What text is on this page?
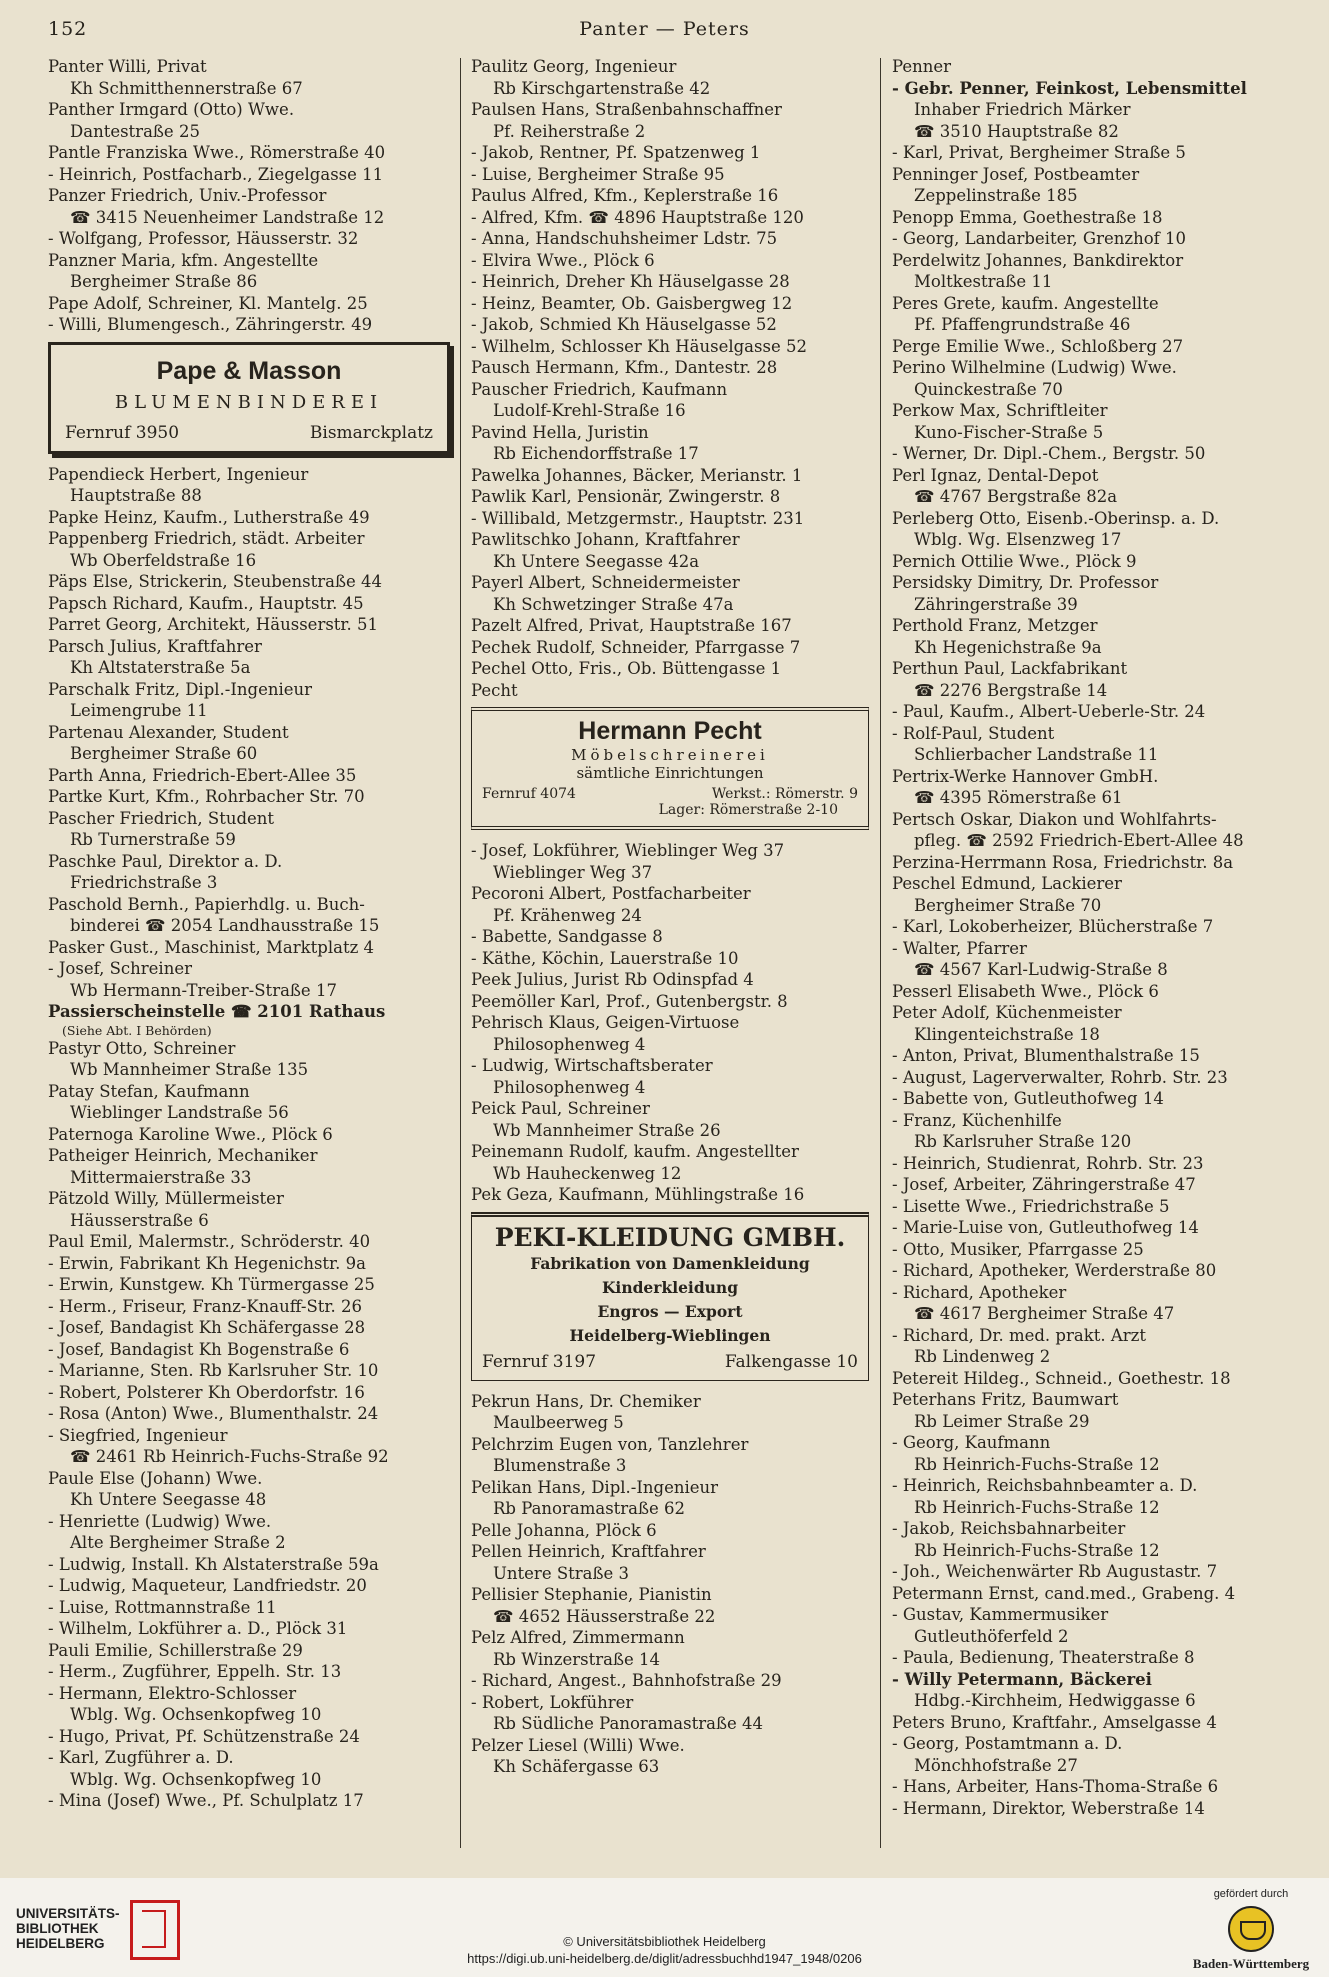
152	Panter — Peters
Panter Willi, Privat
Kh Schmitthennerstraße 67
Panther Irmgard (Otto) Wwe.
Dantestraße 25
Pantle Franziska Wwe., Römerstraße 40
- Heinrich, Postfacharb., Ziegelgasse 11
Panzer Friedrich, Univ.-Professor
☎ 3415 Neuenheimer Landstraße 12
- Wolfgang, Professor, Häusserstr. 32
Panzner Maria, kfm. Angestellte
Bergheimer Straße 86
Pape Adolf, Schreiner, Kl. Mantelg. 25
- Willi, Blumengesch., Zähringerstr. 49
Pape & Masson
BLUMENBINDEREI
Fernruf 3950	Bismarckplatz
Papendieck Herbert, Ingenieur
Hauptstraße 88
Papke Heinz, Kaufm., Lutherstraße 49
Pappenberg Friedrich, städt. Arbeiter
Wb Oberfeldstraße 16
Päps Else, Strickerin, Steubenstraße 44
Papsch Richard, Kaufm., Hauptstr. 45
Parret Georg, Architekt, Häusserstr. 51
Parsch Julius, Kraftfahrer
Kh Altstaterstraße 5a
Parschalk Fritz, Dipl.-Ingenieur
Leimengrube 11
Partenau Alexander, Student
Bergheimer Straße 60
Parth Anna, Friedrich-Ebert-Allee 35
Partke Kurt, Kfm., Rohrbacher Str. 70
Pascher Friedrich, Student
Rb Turnerstraße 59
Paschke Paul, Direktor a. D.
Friedrichstraße 3
Paschold Bernh., Papierhdlg. u. Buch-
binderei ☎ 2054 Landhausstraße 15
Pasker Gust., Maschinist, Marktplatz 4
- Josef, Schreiner
Wb Hermann-Treiber-Straße 17
Passierscheinstelle ☎ 2101 Rathaus
(Siehe Abt. I Behörden)
Pastyr Otto, Schreiner
Wb Mannheimer Straße 135
Patay Stefan, Kaufmann
Wieblinger Landstraße 56
Paternoga Karoline Wwe., Plöck 6
Patheiger Heinrich, Mechaniker
Mittermaierstraße 33
Pätzold Willy, Müllermeister
Häusserstraße 6
Paul Emil, Malermstr., Schröderstr. 40
- Erwin, Fabrikant Kh Hegenichstr. 9a
- Erwin, Kunstgew. Kh Türmergasse 25
- Herm., Friseur, Franz-Knauff-Str. 26
- Josef, Bandagist Kh Schäfergasse 28
- Josef, Bandagist Kh Bogenstraße 6
- Marianne, Sten. Rb Karlsruher Str. 10
- Robert, Polsterer Kh Oberdorfstr. 16
- Rosa (Anton) Wwe., Blumenthalstr. 24
- Siegfried, Ingenieur
☎ 2461 Rb Heinrich-Fuchs-Straße 92
Paule Else (Johann) Wwe.
Kh Untere Seegasse 48
- Henriette (Ludwig) Wwe.
Alte Bergheimer Straße 2
- Ludwig, Install. Kh Alstaterstraße 59a
- Ludwig, Maqueteur, Landfriedstr. 20
- Luise, Rottmannstraße 11
- Wilhelm, Lokführer a. D., Plöck 31
Pauli Emilie, Schillerstraße 29
- Herm., Zugführer, Eppelh. Str. 13
- Hermann, Elektro-Schlosser
Wblg. Wg. Ochsenkopfweg 10
- Hugo, Privat, Pf. Schützenstraße 24
- Karl, Zugführer a. D.
Wblg. Wg. Ochsenkopfweg 10
- Mina (Josef) Wwe., Pf. Schulplatz 17
Paulitz Georg, Ingenieur
Rb Kirschgartenstraße 42
Paulsen Hans, Straßenbahnschaffner
Pf. Reiherstraße 2
- Jakob, Rentner, Pf. Spatzenweg 1
- Luise, Bergheimer Straße 95
Paulus Alfred, Kfm., Keplerstraße 16
- Alfred, Kfm. ☎ 4896 Hauptstraße 120
- Anna, Handschuhsheimer Ldstr. 75
- Elvira Wwe., Plöck 6
- Heinrich, Dreher Kh Häuselgasse 28
- Heinz, Beamter, Ob. Gaisbergweg 12
- Jakob, Schmied Kh Häuselgasse 52
- Wilhelm, Schlosser Kh Häuselgasse 52
Pausch Hermann, Kfm., Dantestr. 28
Pauscher Friedrich, Kaufmann
Ludolf-Krehl-Straße 16
Pavind Hella, Juristin
Rb Eichendorffstraße 17
Pawelka Johannes, Bäcker, Merianstr. 1
Pawlik Karl, Pensionär, Zwingerstr. 8
- Willibald, Metzgermstr., Hauptstr. 231
Pawlitschko Johann, Kraftfahrer
Kh Untere Seegasse 42a
Payerl Albert, Schneidermeister
Kh Schwetzinger Straße 47a
Pazelt Alfred, Privat, Hauptstraße 167
Pechek Rudolf, Schneider, Pfarrgasse 7
Pechel Otto, Fris., Ob. Büttengasse 1
Pecht
Hermann Pecht
Möbelschreinerei
sämtliche Einrichtungen
Fernruf 4074	Werkst.: Römerstr. 9
Lager: Römerstraße 2-10
- Josef, Lokführer, Wieblinger Weg 37
Wieblinger Weg 37
Pecoroni Albert, Postfacharbeiter
Pf. Krähenweg 24
- Babette, Sandgasse 8
- Käthe, Köchin, Lauerstraße 10
Peek Julius, Jurist Rb Odinspfad 4
Peemöller Karl, Prof., Gutenbergstr. 8
Pehrisch Klaus, Geigen-Virtuose
Philosophenweg 4
- Ludwig, Wirtschaftsberater
Philosophenweg 4
Peick Paul, Schreiner
Wb Mannheimer Straße 26
Peinemann Rudolf, kaufm. Angestellter
Wb Hauheckenweg 12
Pek Geza, Kaufmann, Mühlingstraße 16
PEKI-KLEIDUNG GMBH.
Fabrikation von Damenkleidung
Kinderkleidung
Engros — Export
Heidelberg-Wieblingen
Fernruf 3197	Falkengasse 10
Pekrun Hans, Dr. Chemiker
Maulbeerweg 5
Pelchrzim Eugen von, Tanzlehrer
Blumenstraße 3
Pelikan Hans, Dipl.-Ingenieur
Rb Panoramastraße 62
Pelle Johanna, Plöck 6
Pellen Heinrich, Kraftfahrer
Untere Straße 3
Pellisier Stephanie, Pianistin
☎ 4652 Häusserstraße 22
Pelz Alfred, Zimmermann
Rb Winzerstraße 14
- Richard, Angest., Bahnhofstraße 29
- Robert, Lokführer
Rb Südliche Panoramastraße 44
Pelzer Liesel (Willi) Wwe.
Kh Schäfergasse 63
Penner
- Gebr. Penner, Feinkost, Lebensmittel
Inhaber Friedrich Märker
☎ 3510 Hauptstraße 82
- Karl, Privat, Bergheimer Straße 5
Penninger Josef, Postbeamter
Zeppelinstraße 185
Penopp Emma, Goethestraße 18
- Georg, Landarbeiter, Grenzhof 10
Perdelwitz Johannes, Bankdirektor
Moltkestraße 11
Peres Grete, kaufm. Angestellte
Pf. Pfaffengrundstraße 46
Perge Emilie Wwe., Schloßberg 27
Perino Wilhelmine (Ludwig) Wwe.
Quinckestraße 70
Perkow Max, Schriftleiter
Kuno-Fischer-Straße 5
- Werner, Dr. Dipl.-Chem., Bergstr. 50
Perl Ignaz, Dental-Depot
☎ 4767 Bergstraße 82a
Perleberg Otto, Eisenb.-Oberinsp. a. D.
Wblg. Wg. Elsenzweg 17
Pernich Ottilie Wwe., Plöck 9
Persidsky Dimitry, Dr. Professor
Zähringerstraße 39
Perthold Franz, Metzger
Kh Hegenichstraße 9a
Perthun Paul, Lackfabrikant
☎ 2276 Bergstraße 14
- Paul, Kaufm., Albert-Ueberle-Str. 24
- Rolf-Paul, Student
Schlierbacher Landstraße 11
Pertrix-Werke Hannover GmbH.
☎ 4395 Römerstraße 61
Pertsch Oskar, Diakon und Wohlfahrts-
pfleg. ☎ 2592 Friedrich-Ebert-Allee 48
Perzina-Herrmann Rosa, Friedrichstr. 8a
Peschel Edmund, Lackierer
Bergheimer Straße 70
- Karl, Lokoberheizer, Blücherstraße 7
- Walter, Pfarrer
☎ 4567 Karl-Ludwig-Straße 8
Pesserl Elisabeth Wwe., Plöck 6
Peter Adolf, Küchenmeister
Klingenteichstraße 18
- Anton, Privat, Blumenthalstraße 15
- August, Lagerverwalter, Rohrb. Str. 23
- Babette von, Gutleuthofweg 14
- Franz, Küchenhilfe
Rb Karlsruher Straße 120
- Heinrich, Studienrat, Rohrb. Str. 23
- Josef, Arbeiter, Zähringerstraße 47
- Lisette Wwe., Friedrichstraße 5
- Marie-Luise von, Gutleuthofweg 14
- Otto, Musiker, Pfarrgasse 25
- Richard, Apotheker, Werderstraße 80
- Richard, Apotheker
☎ 4617 Bergheimer Straße 47
- Richard, Dr. med. prakt. Arzt
Rb Lindenweg 2
Petereit Hildeg., Schneid., Goethestr. 18
Peterhans Fritz, Baumwart
Rb Leimer Straße 29
- Georg, Kaufmann
Rb Heinrich-Fuchs-Straße 12
- Heinrich, Reichsbahnbeamter a. D.
Rb Heinrich-Fuchs-Straße 12
- Jakob, Reichsbahnarbeiter
Rb Heinrich-Fuchs-Straße 12
- Joh., Weichenwärter Rb Augustastr. 7
Petermann Ernst, cand.med., Grabeng. 4
- Gustav, Kammermusiker
Gutleuthöferfeld 2
- Paula, Bedienung, Theaterstraße 8
- Willy Petermann, Bäckerei
Hdbg.-Kirchheim, Hedwiggasse 6
Peters Bruno, Kraftfahr., Amselgasse 4
- Georg, Postamtmann a. D.
Mönchhofstraße 27
- Hans, Arbeiter, Hans-Thoma-Straße 6
- Hermann, Direktor, Weberstraße 14
UNIVERSITÄTS-
BIBLIOTHEK
HEIDELBERG	© Universitätsbibliothek Heidelberg
https://digi.ub.uni-heidelberg.de/diglit/adressbuchhd1947_1948/0206
gefördert durch
Baden-Württemberg
